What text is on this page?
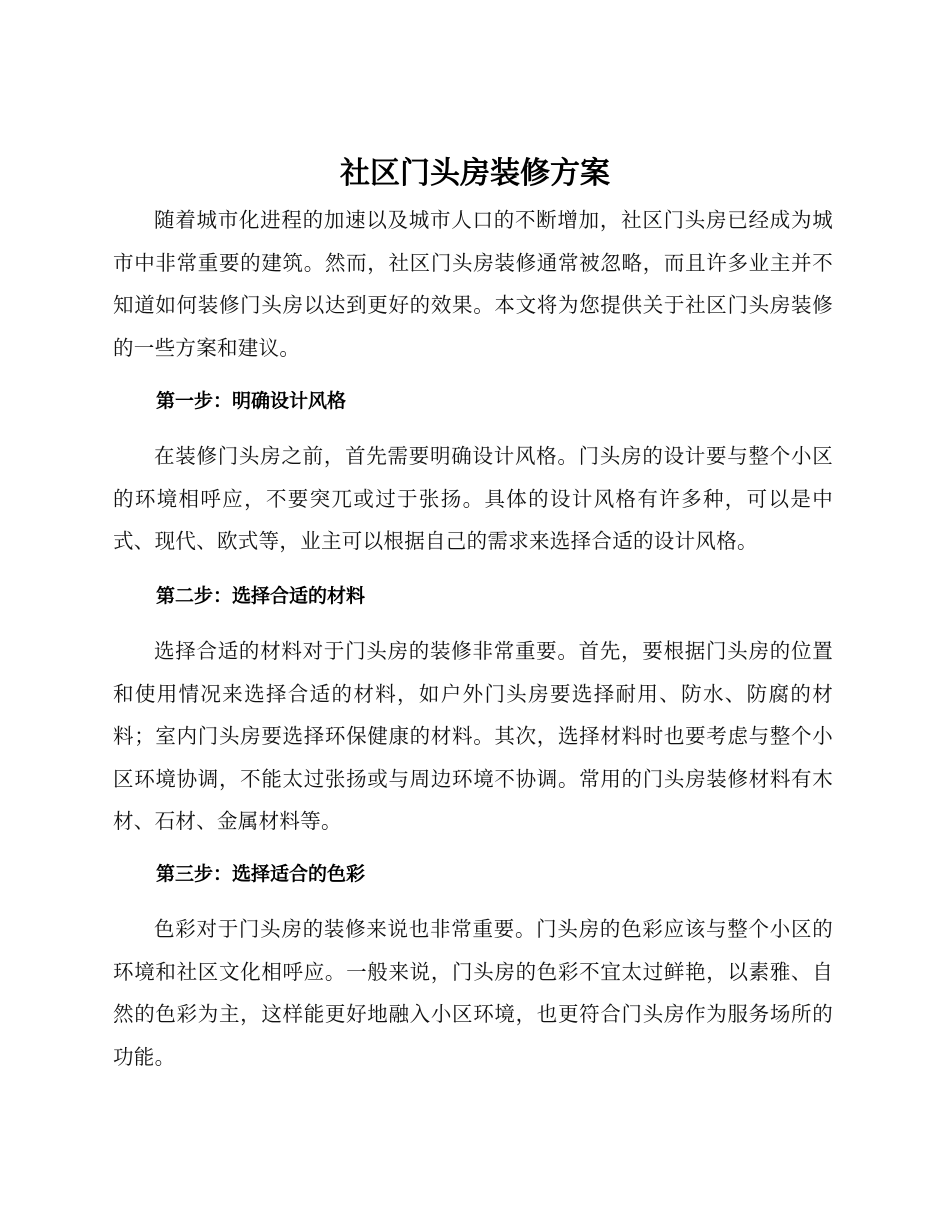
社区门头房装修方案

随着城市化进程的加速以及城市人口的不断增加，社区门头房已经成为城市中非常重要的建筑。然而，社区门头房装修通常被忽略，而且许多业主并不知道如何装修门头房以达到更好的效果。本文将为您提供关于社区门头房装修的一些方案和建议。

第一步：明确设计风格

在装修门头房之前，首先需要明确设计风格。门头房的设计要与整个小区的环境相呼应，不要突兀或过于张扬。具体的设计风格有许多种，可以是中式、现代、欧式等，业主可以根据自己的需求来选择合适的设计风格。

第二步：选择合适的材料

选择合适的材料对于门头房的装修非常重要。首先，要根据门头房的位置和使用情况来选择合适的材料，如户外门头房要选择耐用、防水、防腐的材料；室内门头房要选择环保健康的材料。其次，选择材料时也要考虑与整个小区环境协调，不能太过张扬或与周边环境不协调。常用的门头房装修材料有木材、石材、金属材料等。

第三步：选择适合的色彩

色彩对于门头房的装修来说也非常重要。门头房的色彩应该与整个小区的环境和社区文化相呼应。一般来说，门头房的色彩不宜太过鲜艳，以素雅、自然的色彩为主，这样能更好地融入小区环境，也更符合门头房作为服务场所的功能。
